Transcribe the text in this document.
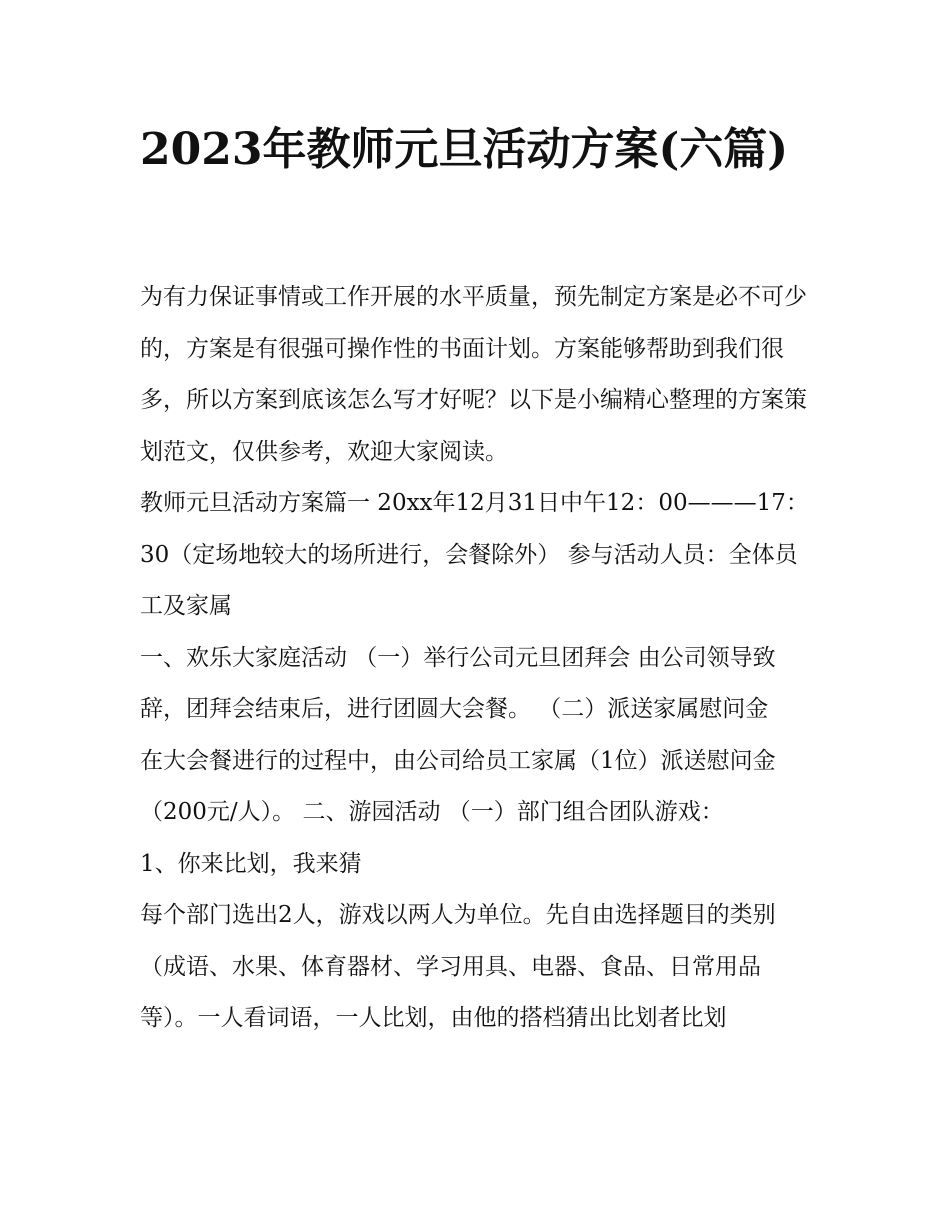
2023年教师元旦活动方案(六篇)

为有力保证事情或工作开展的水平质量，预先制定方案是必不可少的，方案是有很强可操作性的书面计划。方案能够帮助到我们很多，所以方案到底该怎么写才好呢？以下是小编精心整理的方案策划范文，仅供参考，欢迎大家阅读。

教师元旦活动方案篇一 20xx年12月31日中午12：00———17：30（定场地较大的场所进行，会餐除外） 参与活动人员：全体员工及家属

一、欢乐大家庭活动 （一）举行公司元旦团拜会 由公司领导致辞，团拜会结束后，进行团圆大会餐。 （二）派送家属慰问金

在大会餐进行的过程中，由公司给员工家属（1位）派送慰问金（200元/人）。 二、游园活动 （一）部门组合团队游戏：

1、你来比划，我来猜

每个部门选出2人，游戏以两人为单位。先自由选择题目的类别（成语、水果、体育器材、学习用具、电器、食品、日常用品等）。一人看词语，一人比划，由他的搭档猜出比划者比划
